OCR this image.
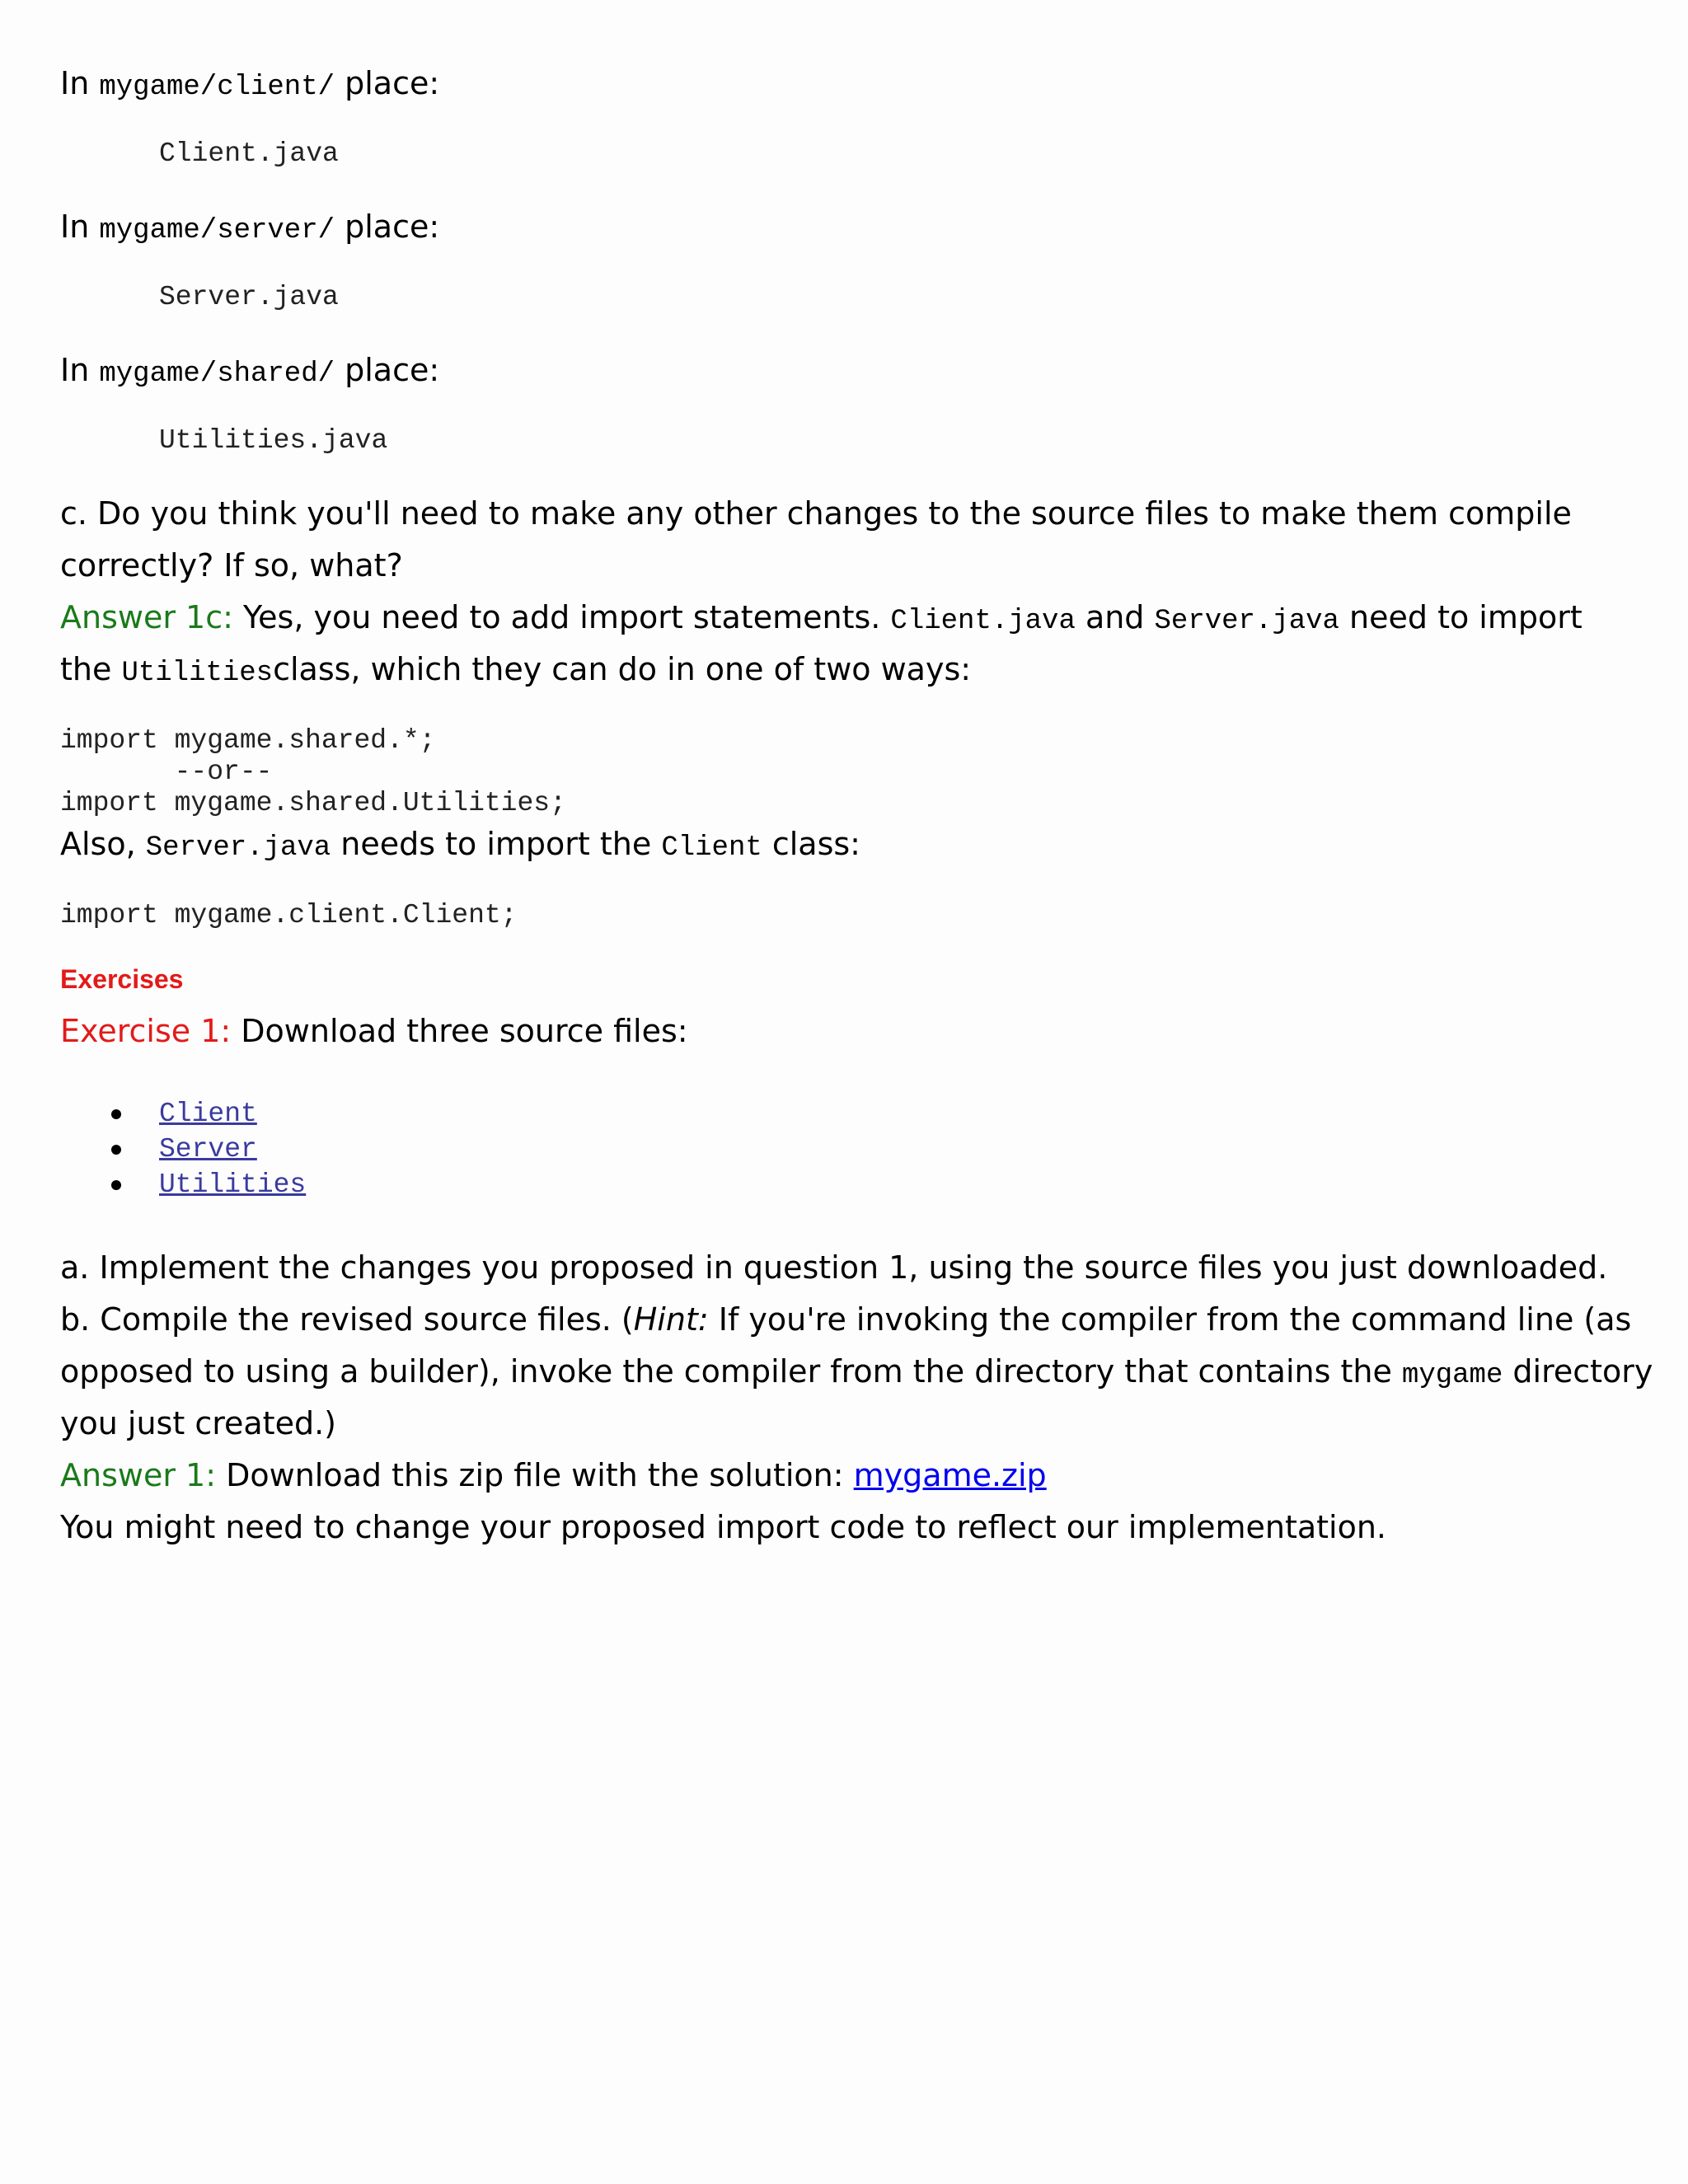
In mygame/client/ place:

Client.java

In mygame/server/ place:

Server.java

In mygame/shared/ place:

Utilities.java

c. Do you think you'll need to make any other changes to the source files to make them compile

correctly? If so, what?

Answer 1c: Yes, you need to add import statements. Client.java and Server.java need to import

the Utilitiesclass, which they can do in one of two ways:

import mygame.shared.*;
--or--
import mygame.shared.Utilities;

Also, Server.java needs to import the Client class:

import mygame.client.Client;
Exercises

Exercise 1: Download three source files:

Client
Server
Utilities

a. Implement the changes you proposed in question 1, using the source files you just downloaded.

b. Compile the revised source files. (Hint: If you're invoking the compiler from the command line (as

opposed to using a builder), invoke the compiler from the directory that contains the mygame directory

you just created.)

Answer 1: Download this zip file with the solution: mygame.zip

You might need to change your proposed import code to reflect our implementation.
